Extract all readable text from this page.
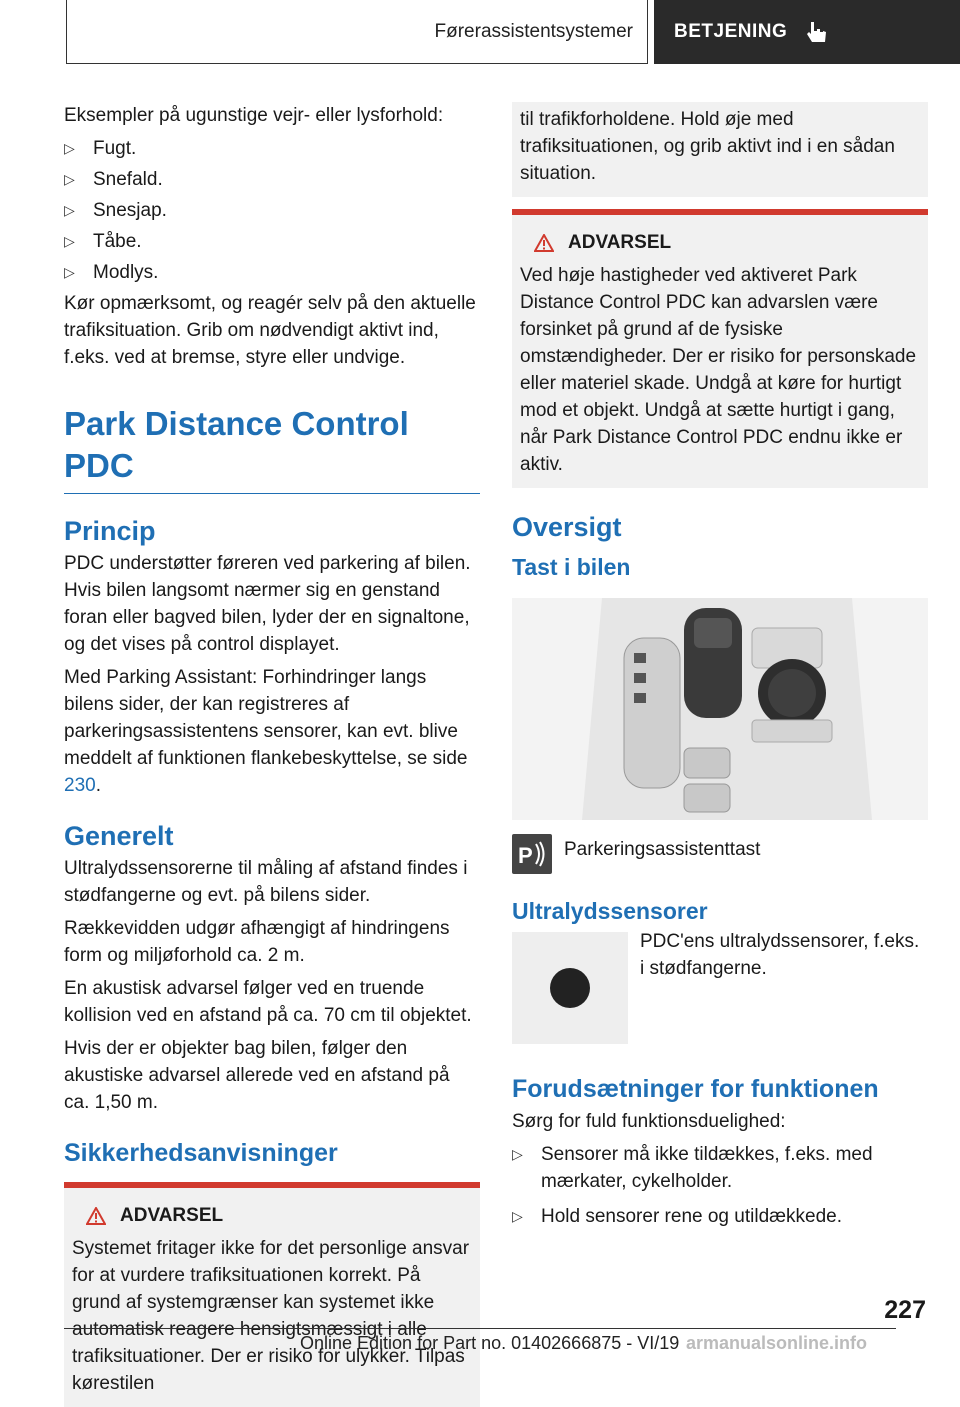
Førerassistentsystemer	BETJENING

Eksempler på ugunstige vejr- eller lysforhold:

▷ Fugt.
▷ Snefald.
▷ Snesjap.
▷ Tåbe.
▷ Modlys.

Kør opmærksomt, og reagér selv på den aktuelle trafiksituation. Grib om nødvendigt aktivt ind, f.eks. ved at bremse, styre eller undvige.

Park Distance Control PDC
Princip

PDC understøtter føreren ved parkering af bilen. Hvis bilen langsomt nærmer sig en genstand foran eller bagved bilen, lyder der en signaltone, og det vises på control displayet.

Med Parking Assistant: Forhindringer langs bilens sider, der kan registreres af parkeringsassistentens sensorer, kan evt. blive meddelt af funktionen flankebeskyttelse, se side 230.

Generelt

Ultralydssensorerne til måling af afstand findes i stødfangerne og evt. på bilens sider.

Rækkevidden udgør afhængigt af hindringens form og miljøforhold ca. 2 m.

En akustisk advarsel følger ved en truende kollision ved en afstand på ca. 70 cm til objektet.

Hvis der er objekter bag bilen, følger den akustiske advarsel allerede ved en afstand på ca. 1,50 m.

Sikkerhedsanvisninger
ADVARSEL

Systemet fritager ikke for det personlige ansvar for at vurdere trafiksituationen korrekt. På grund af systemgrænser kan systemet ikke automatisk reagere hensigtsmæssigt i alle trafiksituationer. Der er risiko for ulykker. Tilpas kørestilen

til trafikforholdene. Hold øje med trafiksituationen, og grib aktivt ind i en sådan situation.

ADVARSEL

Ved høje hastigheder ved aktiveret Park Distance Control PDC kan advarslen være forsinket på grund af de fysiske omstændigheder. Der er risiko for personskade eller materiel skade. Undgå at køre for hurtigt mod et objekt. Undgå at sætte hurtigt i gang, når Park Distance Control PDC endnu ikke er aktiv.

Oversigt
Tast i bilen
P Parkeringsassistenttast
Ultralydssensorer

PDC'ens ultralydssensorer, f.eks. i stødfangerne.

Forudsætninger for funktionen

Sørg for fuld funktionsduelighed:

▷ Sensorer må ikke tildækkes, f.eks. med mærkater, cykelholder.
▷ Hold sensorer rene og utildækkede.
227
Online Edition for Part no. 01402666875 - VI/19 armanualsonline.info
